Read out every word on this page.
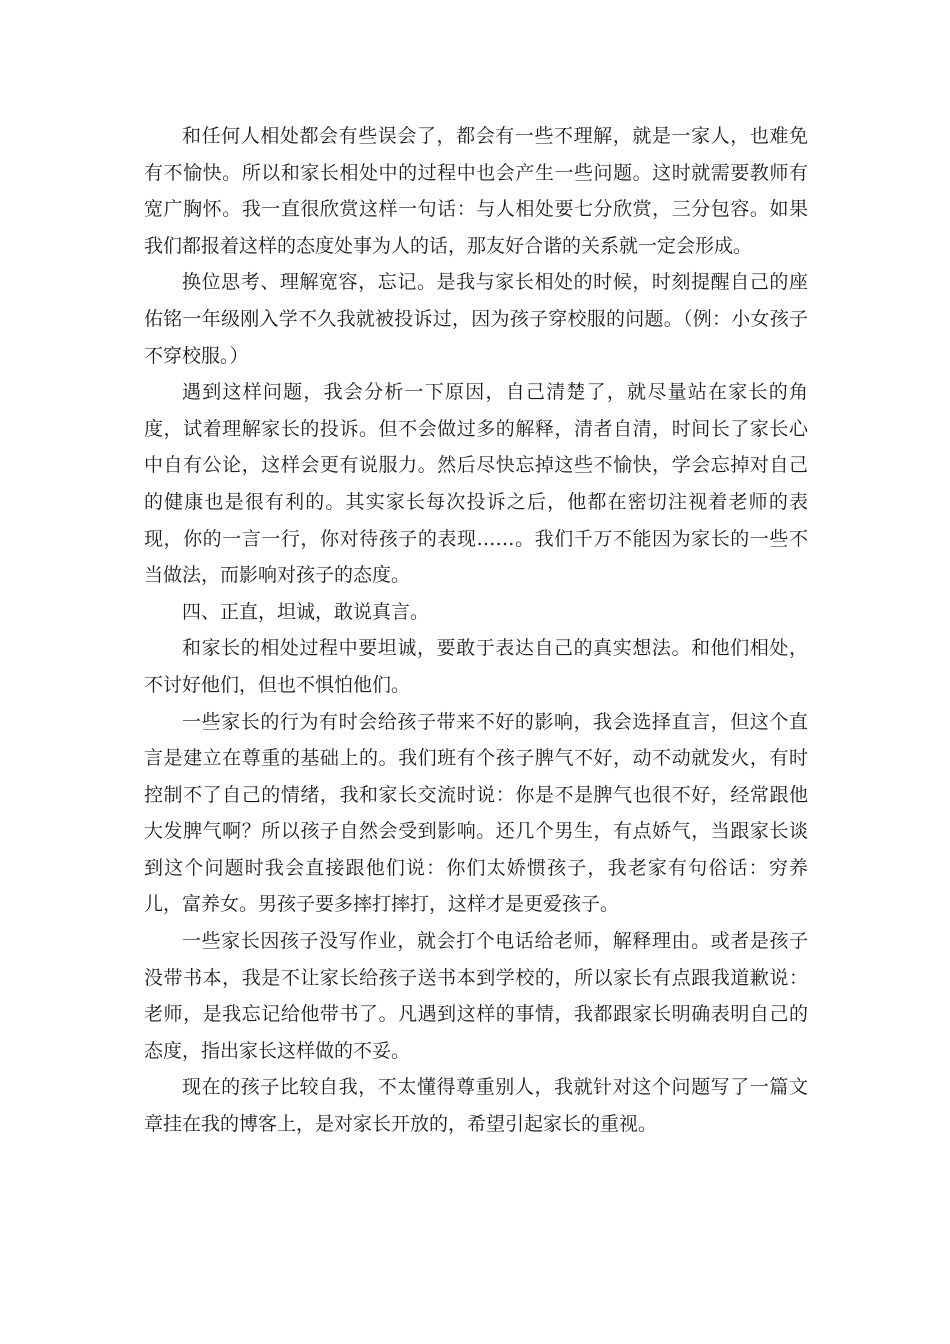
和任何人相处都会有些误会了，都会有一些不理解，就是一家人，也难免有不愉快。所以和家长相处中的过程中也会产生一些问题。这时就需要教师有宽广胸怀。我一直很欣赏这样一句话：与人相处要七分欣赏，三分包容。如果我们都报着这样的态度处事为人的话，那友好合谐的关系就一定会形成。

换位思考、理解宽容，忘记。是我与家长相处的时候，时刻提醒自己的座佑铭一年级刚入学不久我就被投诉过，因为孩子穿校服的问题。（例：小女孩子不穿校服。）

遇到这样问题，我会分析一下原因，自己清楚了，就尽量站在家长的角度，试着理解家长的投诉。但不会做过多的解释，清者自清，时间长了家长心中自有公论，这样会更有说服力。然后尽快忘掉这些不愉快，学会忘掉对自己的健康也是很有利的。其实家长每次投诉之后，他都在密切注视着老师的表现，你的一言一行，你对待孩子的表现……。我们千万不能因为家长的一些不当做法，而影响对孩子的态度。

四、正直，坦诚，敢说真言。

和家长的相处过程中要坦诚，要敢于表达自己的真实想法。和他们相处，不讨好他们，但也不惧怕他们。

一些家长的行为有时会给孩子带来不好的影响，我会选择直言，但这个直言是建立在尊重的基础上的。我们班有个孩子脾气不好，动不动就发火，有时控制不了自己的情绪，我和家长交流时说：你是不是脾气也很不好，经常跟他大发脾气啊？所以孩子自然会受到影响。还几个男生，有点娇气，当跟家长谈到这个问题时我会直接跟他们说：你们太娇惯孩子，我老家有句俗话：穷养儿，富养女。男孩子要多摔打摔打，这样才是更爱孩子。

一些家长因孩子没写作业，就会打个电话给老师，解释理由。或者是孩子没带书本，我是不让家长给孩子送书本到学校的，所以家长有点跟我道歉说：老师，是我忘记给他带书了。凡遇到这样的事情，我都跟家长明确表明自己的态度，指出家长这样做的不妥。

现在的孩子比较自我，不太懂得尊重别人，我就针对这个问题写了一篇文章挂在我的博客上，是对家长开放的，希望引起家长的重视。
